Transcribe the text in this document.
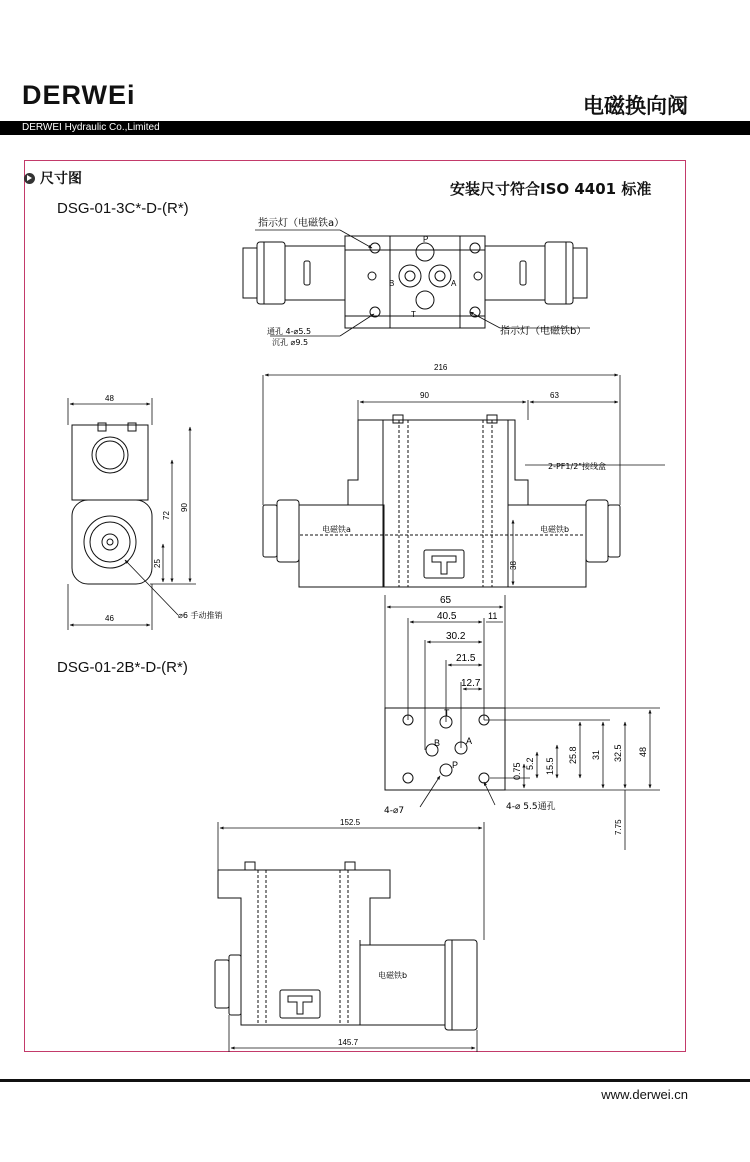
DERWEi	电磁换向阀
DERWEI Hydraulic Co.,Limited
尺寸图
安装尺寸符合ISO 4401 标准
DSG-01-3C*-D-(R*)
DSG-01-2B*-D-(R*)
指示灯（电磁铁a）
指示灯（电磁铁b）
P
A
B
T
通孔 4-⌀5.5
沉孔 ⌀9.5
216
90	63
38
电磁铁a	电磁铁b
2-PF1/2"接线盒
48
46
90
72
25
⌀6 手动推销
65
40.5	11
30.2
21.5
12.7
0.75 5.2 15.5
25.8 31 32.5 48
7.75
T
B	A
P
4-⌀7	4-⌀ 5.5通孔
152.5
145.7
电磁铁b
www.derwei.cn
